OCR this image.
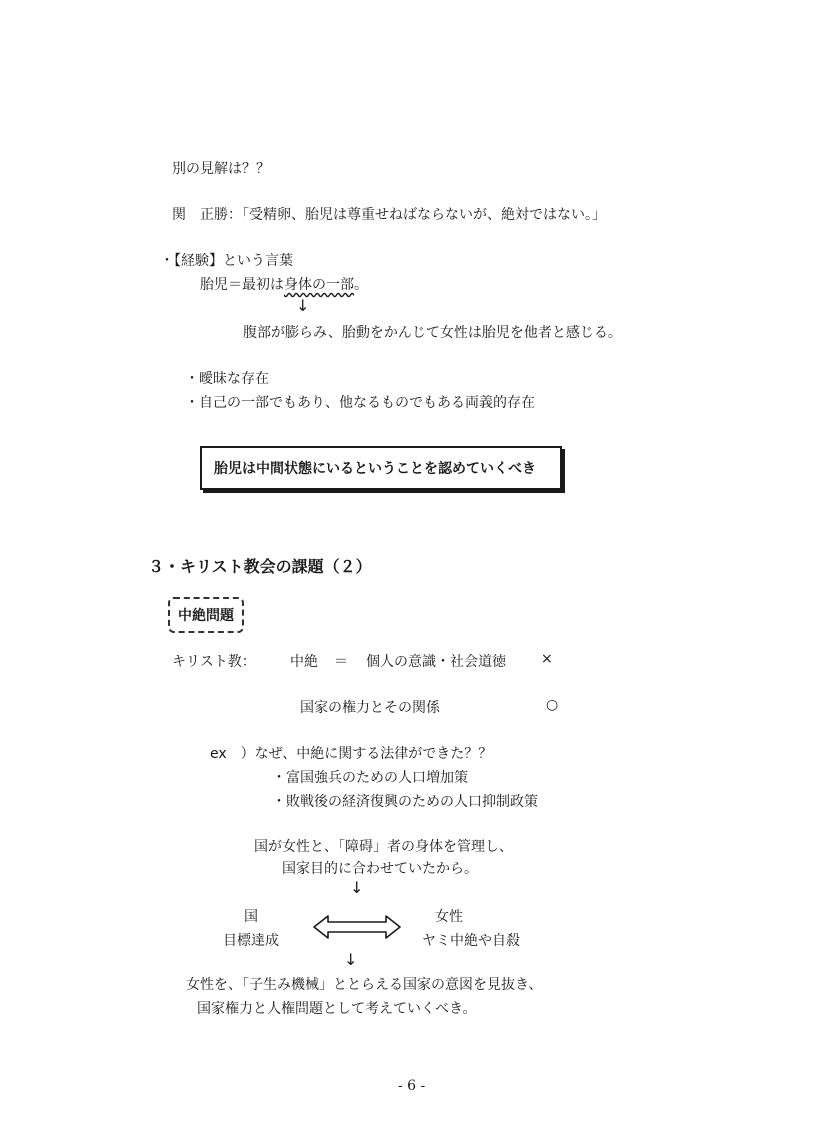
別の見解は？？
関　正勝：「受精卵、胎児は尊重せねばならないが、絶対ではない。」
・【経験】という言葉
胎児＝最初は身体の一部。
↓
腹部が膨らみ、胎動をかんじて女性は胎児を他者と感じる。
・曖昧な存在
・自己の一部でもあり、他なるものでもある両義的存在
胎児は中間状態にいるということを認めていくべき
３・キリスト教会の課題（２）
中絶問題
キリスト教： 中絶 ＝ 個人の意識・社会道徳	×
国家の権力とその関係	○
ex　）なぜ、中絶に関する法律ができた？？
・富国強兵のための人口増加策
・敗戦後の経済復興のための人口抑制政策
国が女性と、「障碍」者の身体を管理し、
国家目的に合わせていたから。
↓
国
目標達成
女性
ヤミ中絶や自殺
↓
女性を、「子生み機械」ととらえる国家の意図を見抜き、
国家権力と人権問題として考えていくべき。
- 6 -
